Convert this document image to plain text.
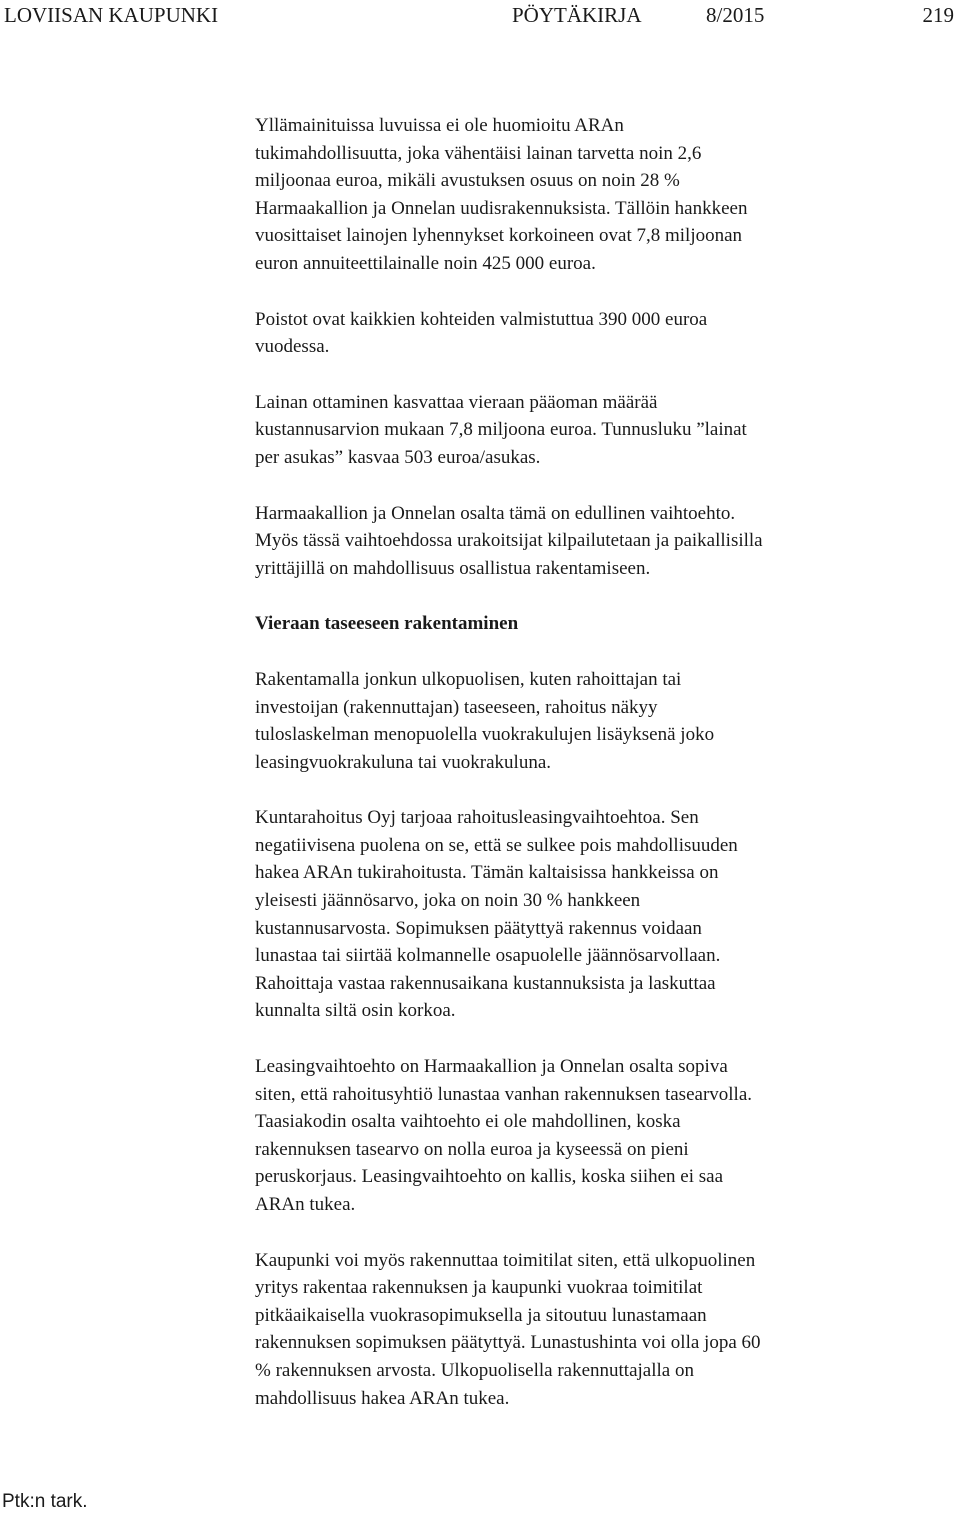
LOVIISAN KAUPUNKI	PÖYTÄKIRJA	8/2015	219
Yllämainituissa luvuissa ei ole huomioitu ARAn
tukimahdollisuutta, joka vähentäisi lainan tarvetta noin 2,6
miljoonaa euroa, mikäli avustuksen osuus on noin 28 %
Harmaakallion ja Onnelan uudisrakennuksista. Tällöin hankkeen
vuosittaiset lainojen lyhennykset korkoineen ovat 7,8 miljoonan
euron annuiteettilainalle noin 425 000 euroa.
Poistot ovat kaikkien kohteiden valmistuttua 390 000 euroa
vuodessa.
Lainan ottaminen kasvattaa vieraan pääoman määrää
kustannusarvion mukaan 7,8 miljoona euroa. Tunnusluku ”lainat
per asukas” kasvaa 503 euroa/asukas.
Harmaakallion ja Onnelan osalta tämä on edullinen vaihtoehto.
Myös tässä vaihtoehdossa urakoitsijat kilpailutetaan ja paikallisilla
yrittäjillä on mahdollisuus osallistua rakentamiseen.
Vieraan taseeseen rakentaminen
Rakentamalla jonkun ulkopuolisen, kuten rahoittajan tai
investoijan (rakennuttajan) taseeseen, rahoitus näkyy
tuloslaskelman menopuolella vuokrakulujen lisäyksenä joko
leasingvuokrakuluna tai vuokrakuluna.
Kuntarahoitus Oyj tarjoaa rahoitusleasingvaihtoehtoa. Sen
negatiivisena puolena on se, että se sulkee pois mahdollisuuden
hakea ARAn tukirahoitusta. Tämän kaltaisissa hankkeissa on
yleisesti jäännösarvo, joka on noin 30 % hankkeen
kustannusarvosta. Sopimuksen päätyttyä rakennus voidaan
lunastaa tai siirtää kolmannelle osapuolelle jäännösarvollaan.
Rahoittaja vastaa rakennusaikana kustannuksista ja laskuttaa
kunnalta siltä osin korkoa.
Leasingvaihtoehto on Harmaakallion ja Onnelan osalta sopiva
siten, että rahoitusyhtiö lunastaa vanhan rakennuksen tasearvolla.
Taasiakodin osalta vaihtoehto ei ole mahdollinen, koska
rakennuksen tasearvo on nolla euroa ja kyseessä on pieni
peruskorjaus. Leasingvaihtoehto on kallis, koska siihen ei saa
ARAn tukea.
Kaupunki voi myös rakennuttaa toimitilat siten, että ulkopuolinen
yritys rakentaa rakennuksen ja kaupunki vuokraa toimitilat
pitkäaikaisella vuokrasopimuksella ja sitoutuu lunastamaan
rakennuksen sopimuksen päätyttyä. Lunastushinta voi olla jopa 60
% rakennuksen arvosta. Ulkopuolisella rakennuttajalla on
mahdollisuus hakea ARAn tukea.
Ptk:n tark.
